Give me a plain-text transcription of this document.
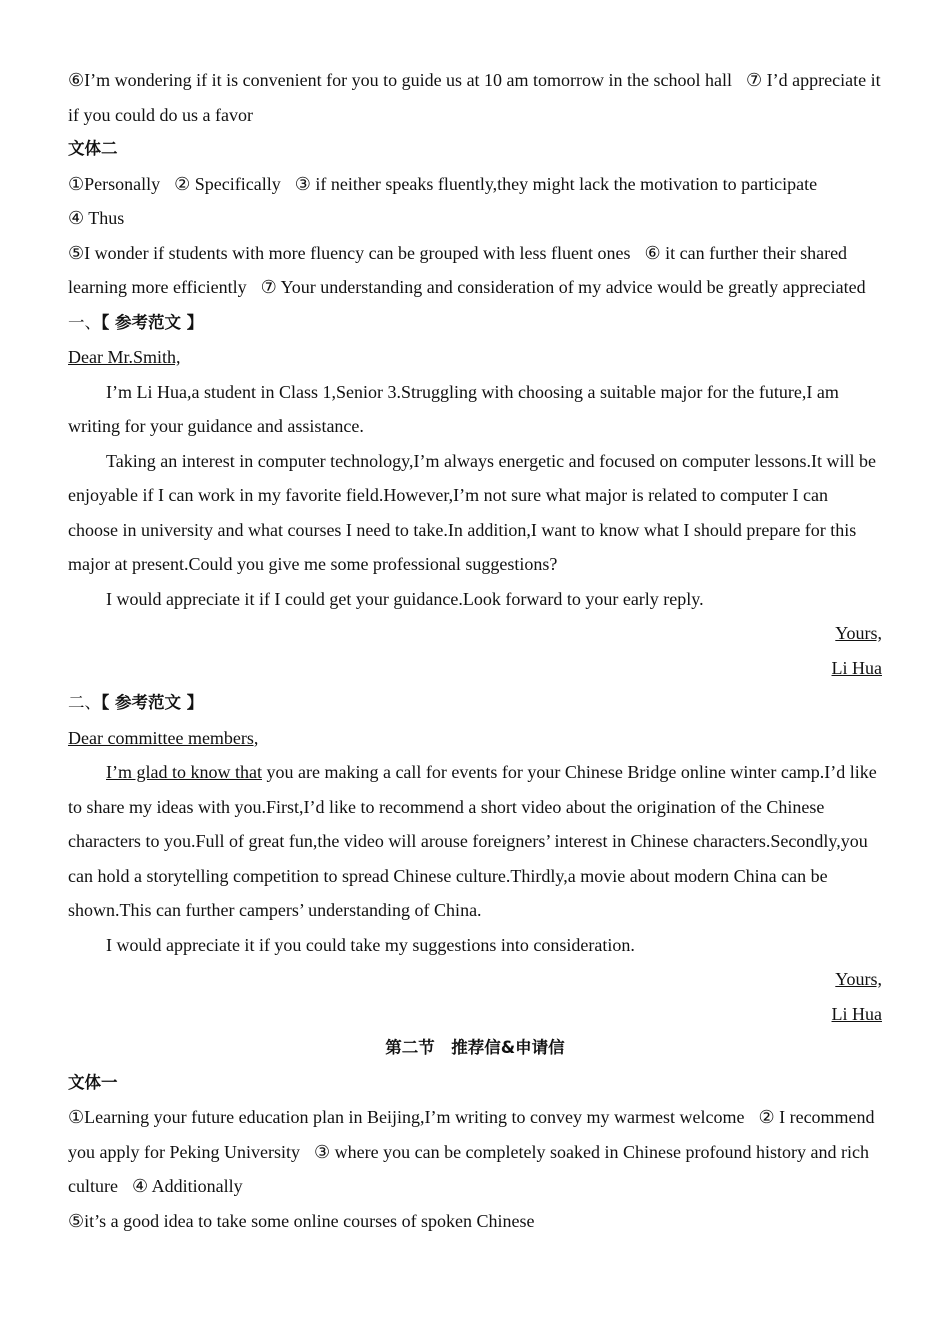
⑥I’m wondering if it is convenient for you to guide us at 10 am tomorrow in the school hall ⑦ I’d appreciate it if you could do us a favor

文体二

①Personally ② Specifically ③ if neither speaks fluently,they might lack the motivation to participate

④ Thus

⑤I wonder if students with more fluency can be grouped with less fluent ones ⑥ it can further their shared learning more efficiently ⑦ Your understanding and consideration of my advice would be greatly appreciated

一、【 参考范文 】

Dear Mr.Smith,

I’m Li Hua,a student in Class 1,Senior 3.Struggling with choosing a suitable major for the future,I am writing for your guidance and assistance.

Taking an interest in computer technology,I’m always energetic and focused on computer lessons.It will be enjoyable if I can work in my favorite field.However,I’m not sure what major is related to computer I can choose in university and what courses I need to take.In addition,I want to know what I should prepare for this major at present.Could you give me some professional suggestions?

I would appreciate it if I could get your guidance.Look forward to your early reply.

Yours,

Li Hua

二、【 参考范文 】

Dear committee members,

I’m glad to know that you are making a call for events for your Chinese Bridge online winter camp.I’d like to share my ideas with you.First,I’d like to recommend a short video about the origination of the Chinese characters to you.Full of great fun,the video will arouse foreigners’ interest in Chinese characters.Secondly,you can hold a storytelling competition to spread Chinese culture.Thirdly,a movie about modern China can be shown.This can further campers’ understanding of China.

I would appreciate it if you could take my suggestions into consideration.

Yours,

Li Hua

第二节　推荐信&申请信

文体一

①Learning your future education plan in Beijing,I’m writing to convey my warmest welcome ② I recommend you apply for Peking University ③ where you can be completely soaked in Chinese profound history and rich culture ④ Additionally

⑤it’s a good idea to take some online courses of spoken Chinese
